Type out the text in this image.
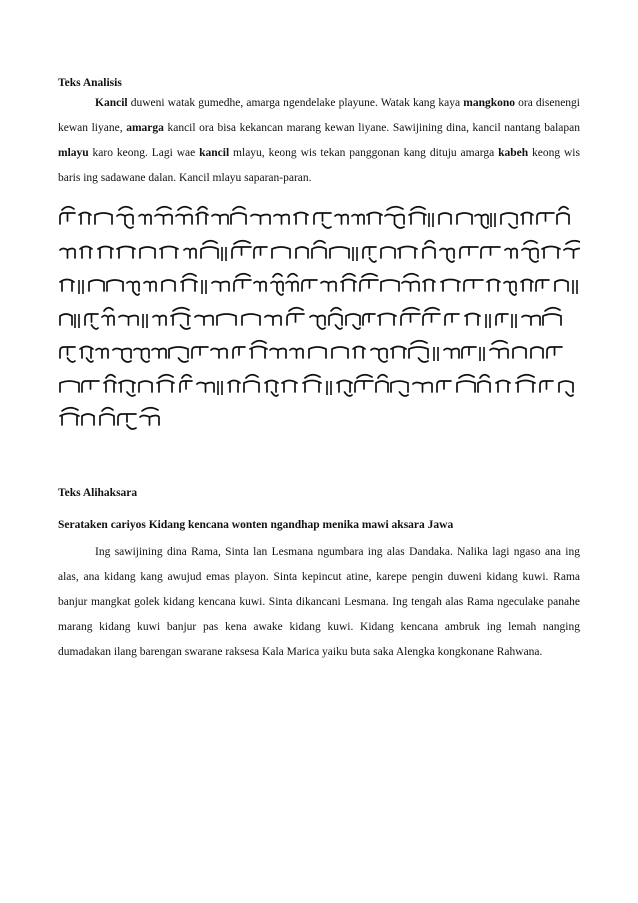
Teks Analisis

Kancil duweni watak gumedhe, amarga ngendelake playune. Watak kang kaya mangkono ora disenengi kewan liyane, amarga kancil ora bisa kekancan marang kewan liyane. Sawijining dina, kancil nantang balapan mlayu karo keong. Lagi wae kancil mlayu, keong wis tekan panggonan kang dituju amarga kabeh keong wis baris ing sadawane dalan. Kancil mlayu saparan-paran.

Teks Alihaksara
Serataken cariyos Kidang kencana wonten ngandhap menika mawi aksara Jawa

Ing sawijining dina Rama, Sinta lan Lesmana ngumbara ing alas Dandaka. Nalika lagi ngaso ana ing alas, ana kidang kang awujud emas playon. Sinta kepincut atine, karepe pengin duweni kidang kuwi. Rama banjur mangkat golek kidang kencana kuwi. Sinta dikancani Lesmana. Ing tengah alas Rama ngeculake panahe marang kidang kuwi banjur pas kena awake kidang kuwi. Kidang kencana ambruk ing lemah nanging dumadakan ilang barengan swarane raksesa Kala Marica yaiku buta saka Alengka kongkonane Rahwana.
